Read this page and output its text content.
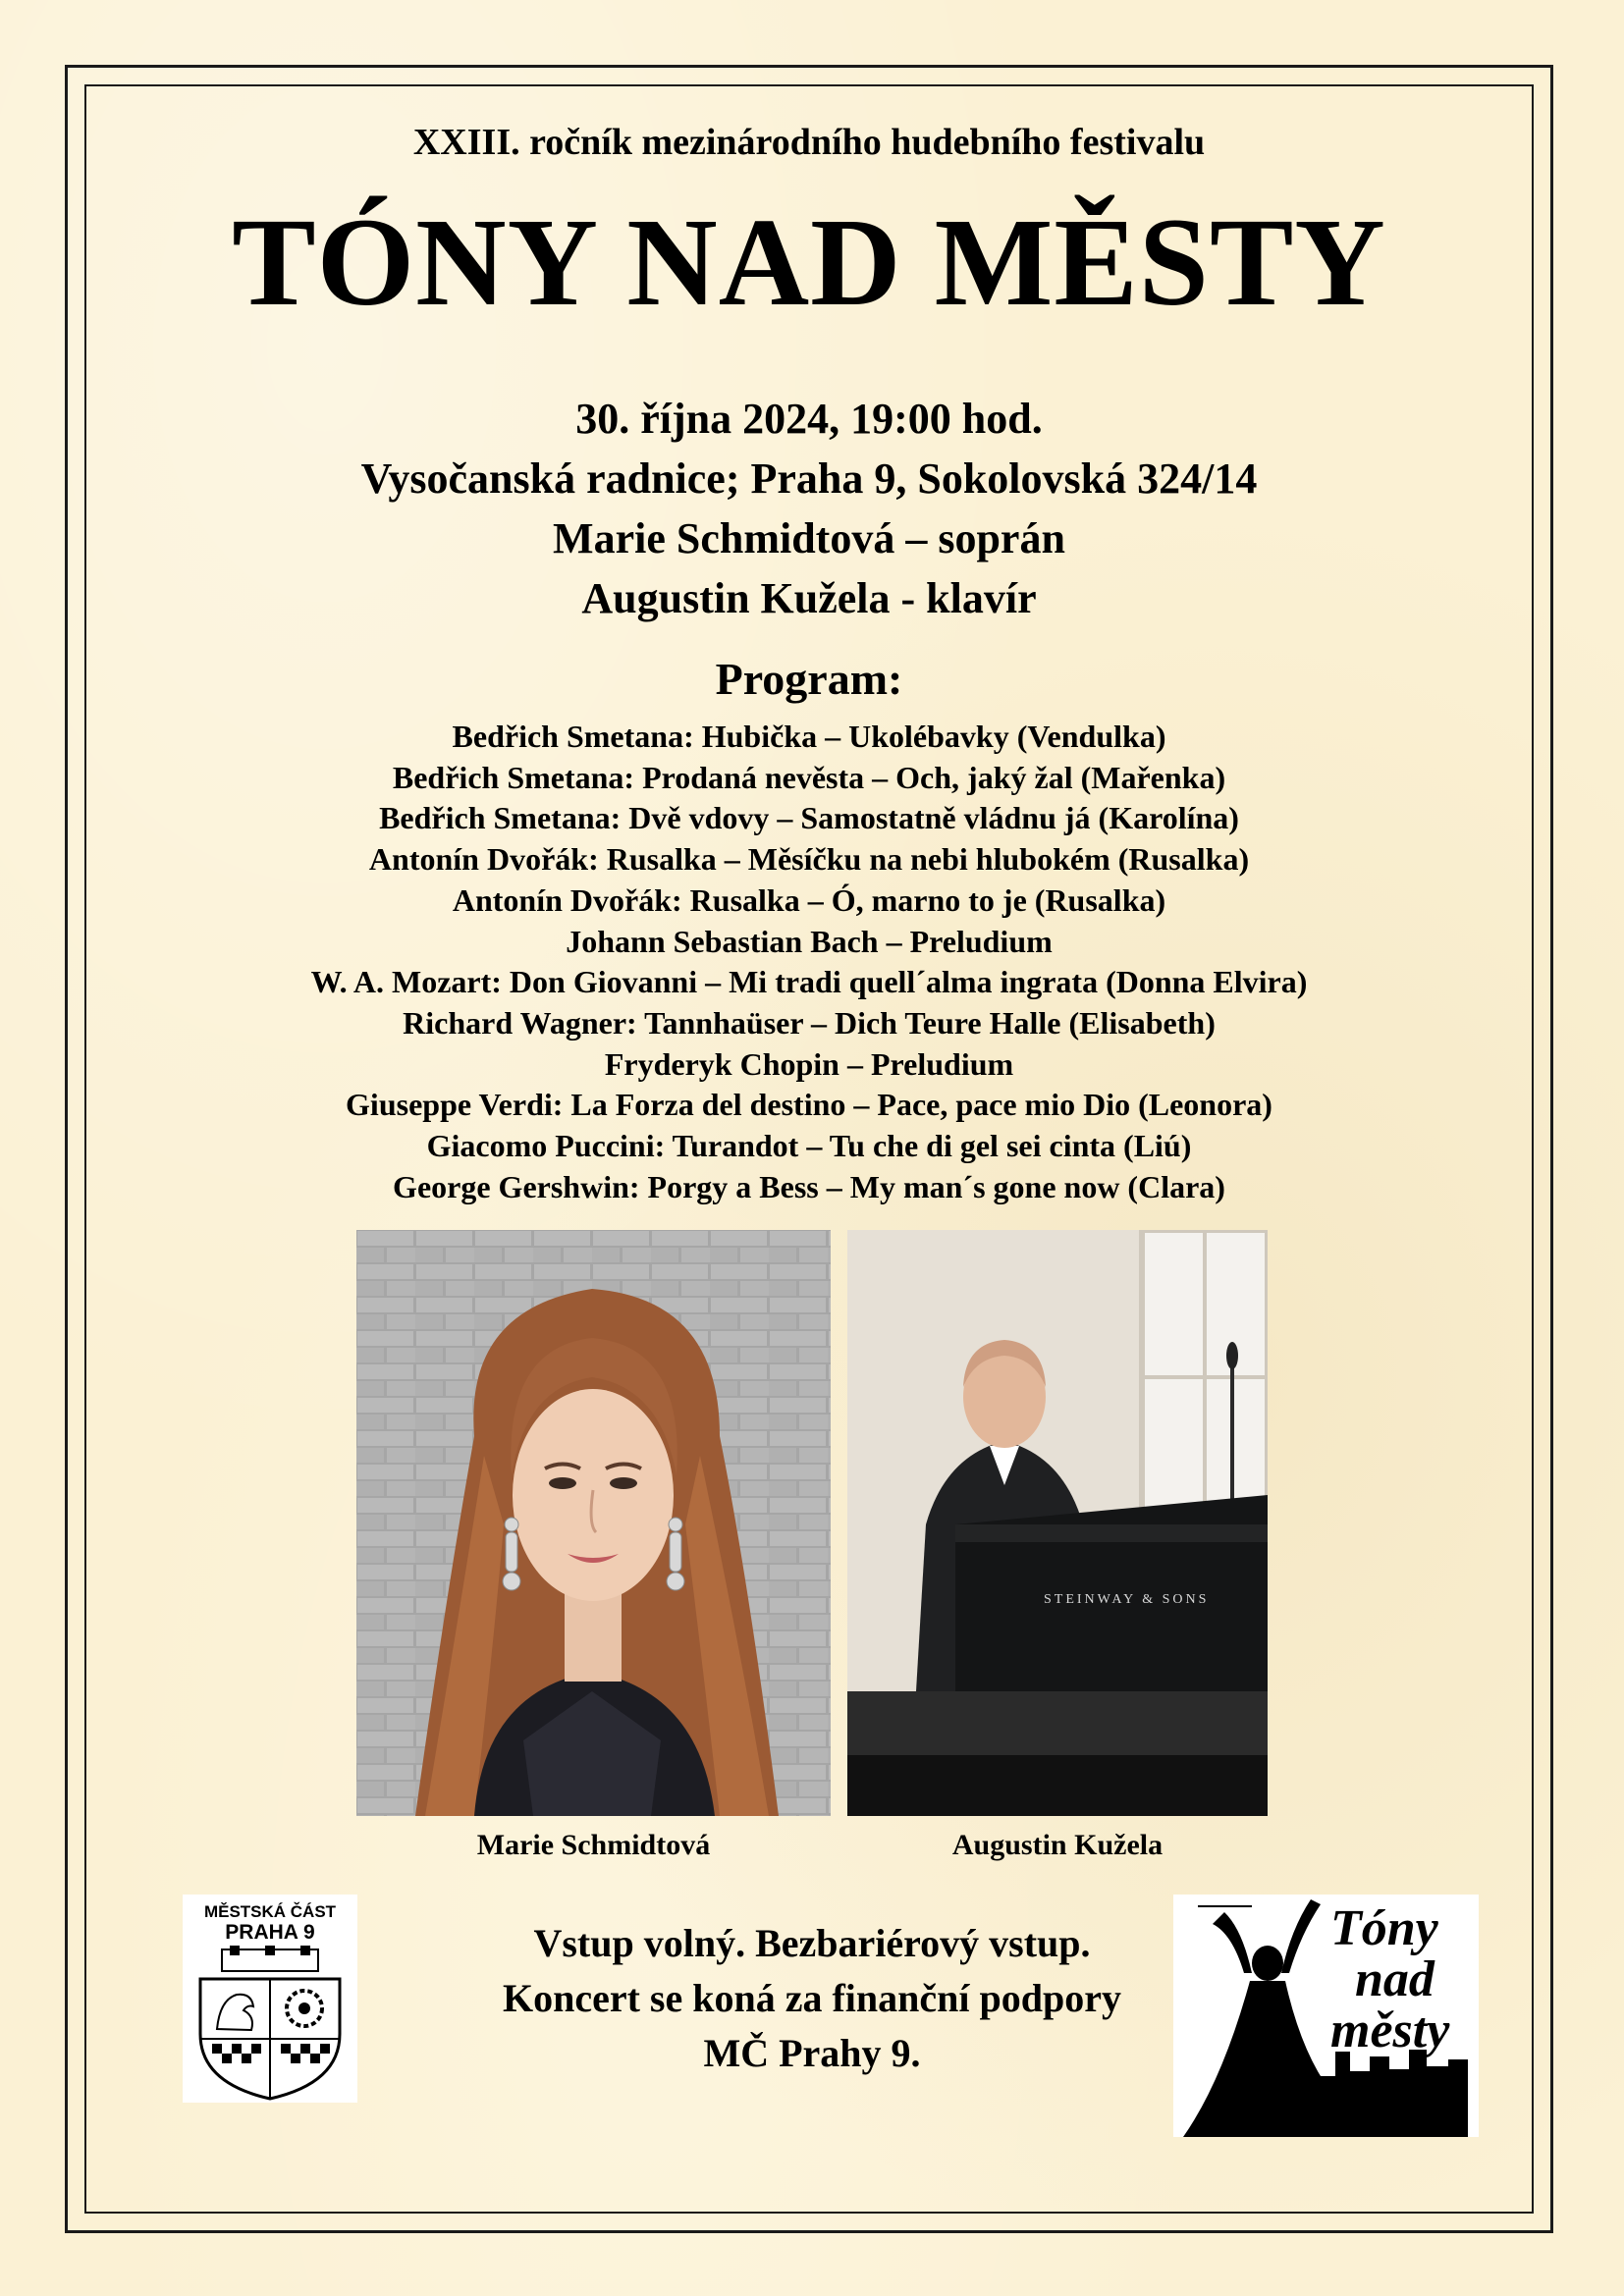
XXIII. ročník mezinárodního hudebního festivalu
TÓNY NAD MĚSTY
30. října 2024, 19:00 hod.
Vysočanská radnice; Praha 9, Sokolovská 324/14
Marie Schmidtová – soprán
Augustin Kužela - klavír
Program:
Bedřich Smetana: Hubička – Ukolébavky (Vendulka)
Bedřich Smetana: Prodaná nevěsta – Och, jaký žal (Mařenka)
Bedřich Smetana: Dvě vdovy – Samostatně vládnu já (Karolína)
Antonín Dvořák: Rusalka – Měsíčku na nebi hlubokém (Rusalka)
Antonín Dvořák: Rusalka – Ó, marno to je (Rusalka)
Johann Sebastian Bach – Preludium
W. A. Mozart: Don Giovanni – Mi tradi quell´alma ingrata (Donna Elvira)
Richard Wagner: Tannhaüser – Dich Teure Halle (Elisabeth)
Fryderyk Chopin – Preludium
Giuseppe Verdi: La Forza del destino – Pace, pace mio Dio (Leonora)
Giacomo Puccini: Turandot – Tu che di gel sei cinta (Liú)
George Gershwin: Porgy a Bess – My man´s gone now (Clara)
STEINWAY & SONS
Marie Schmidtová	Augustin Kužela
MĚSTSKÁ ČÁST
PRAHA 9	Vstup volný. Bezbariérový vstup.
Koncert se koná za finanční podpory
MČ Prahy 9.
Tóny
nad
městy
